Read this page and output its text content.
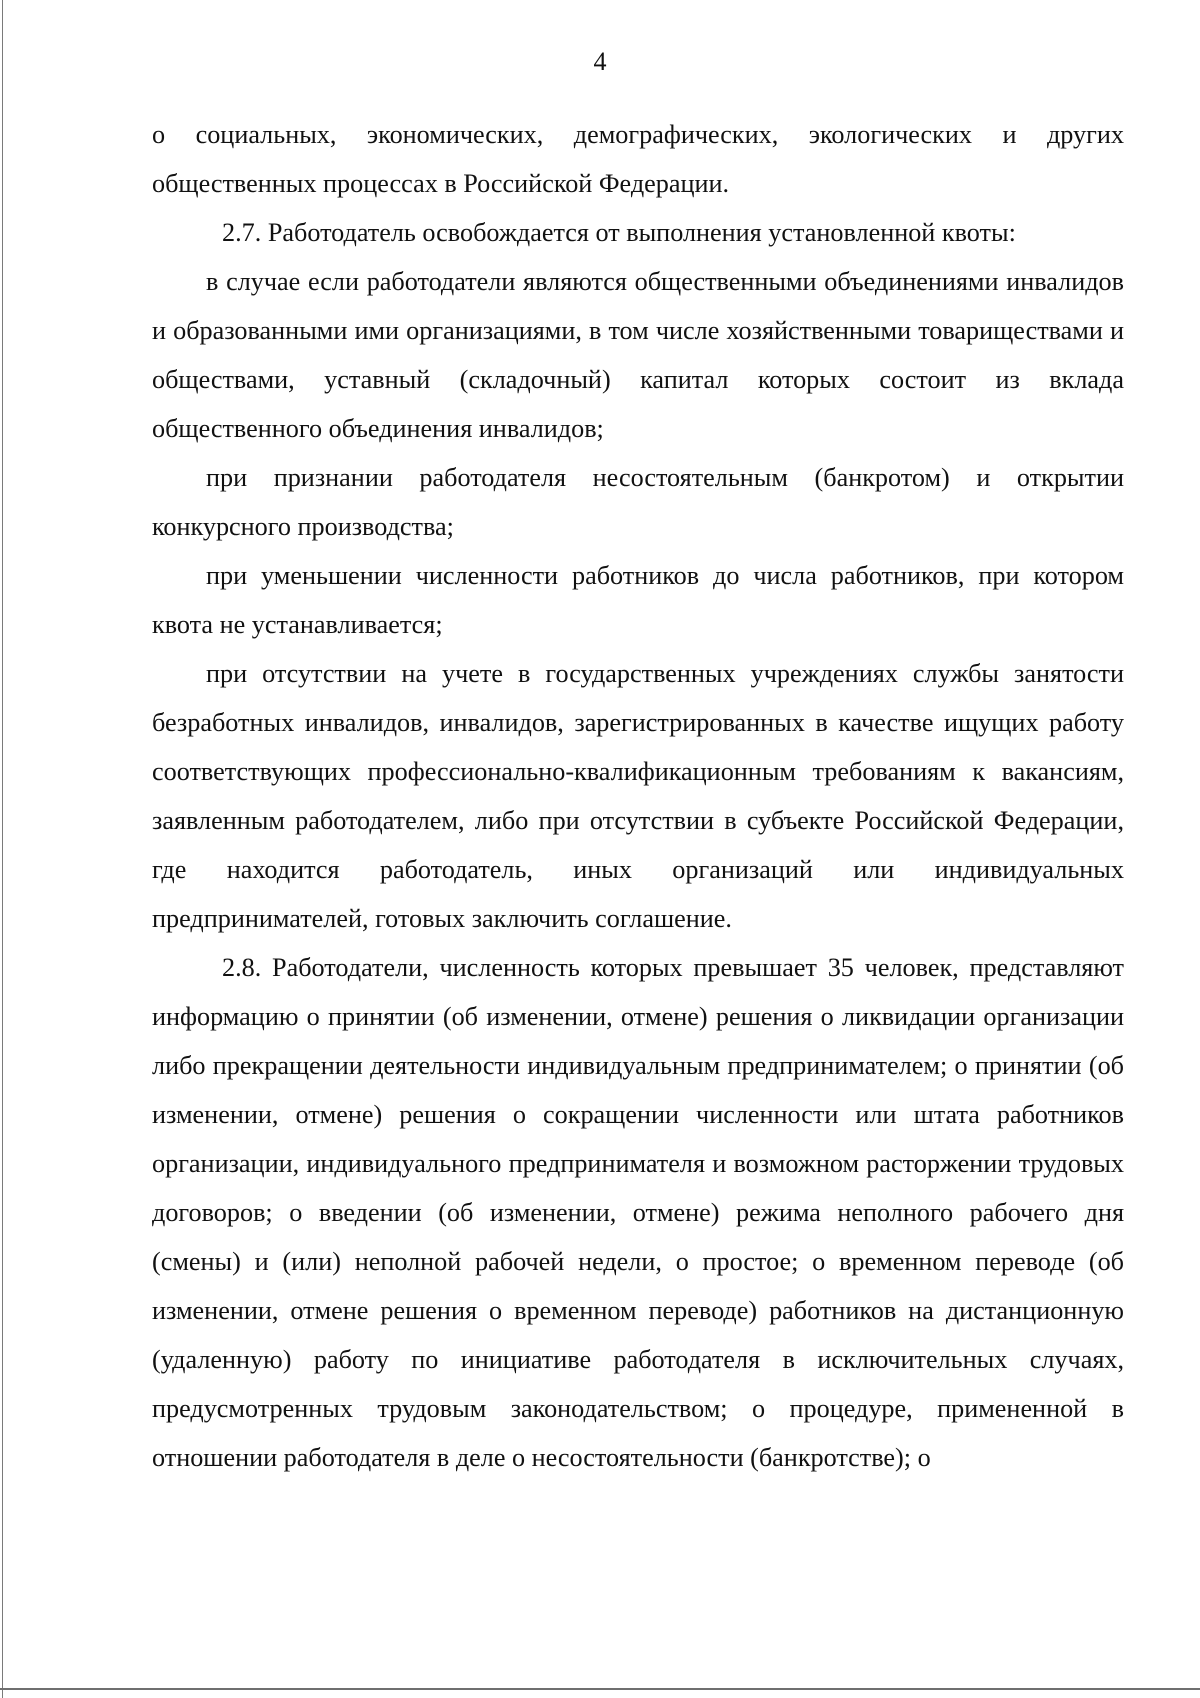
4

о социальных, экономических, демографических, экологических и других общественных процессах в Российской Федерации.

2.7. Работодатель освобождается от выполнения установленной квоты:

в случае если работодатели являются общественными объединениями инвалидов и образованными ими организациями, в том числе хозяйственными товариществами и обществами, уставный (складочный) капитал которых состоит из вклада общественного объединения инвалидов;

при признании работодателя несостоятельным (банкротом) и открытии конкурсного производства;

при уменьшении численности работников до числа работников, при котором квота не устанавливается;

при отсутствии на учете в государственных учреждениях службы занятости безработных инвалидов, инвалидов, зарегистрированных в качестве ищущих работу соответствующих профессионально-квалификационным требованиям к вакансиям, заявленным работодателем, либо при отсутствии в субъекте Российской Федерации, где находится работодатель, иных организаций или индивидуальных предпринимателей, готовых заключить соглашение.

2.8. Работодатели, численность которых превышает 35 человек, представляют информацию о принятии (об изменении, отмене) решения о ликвидации организации либо прекращении деятельности индивидуальным предпринимателем; о принятии (об изменении, отмене) решения о сокращении численности или штата работников организации, индивидуального предпринимателя и возможном расторжении трудовых договоров; о введении (об изменении, отмене) режима неполного рабочего дня (смены) и (или) неполной рабочей недели, о простое; о временном переводе (об изменении, отмене решения о временном переводе) работников на дистанционную (удаленную) работу по инициативе работодателя в исключительных случаях, предусмотренных трудовым законодательством; о процедуре, примененной в отношении работодателя в деле о несостоятельности (банкротстве); о
